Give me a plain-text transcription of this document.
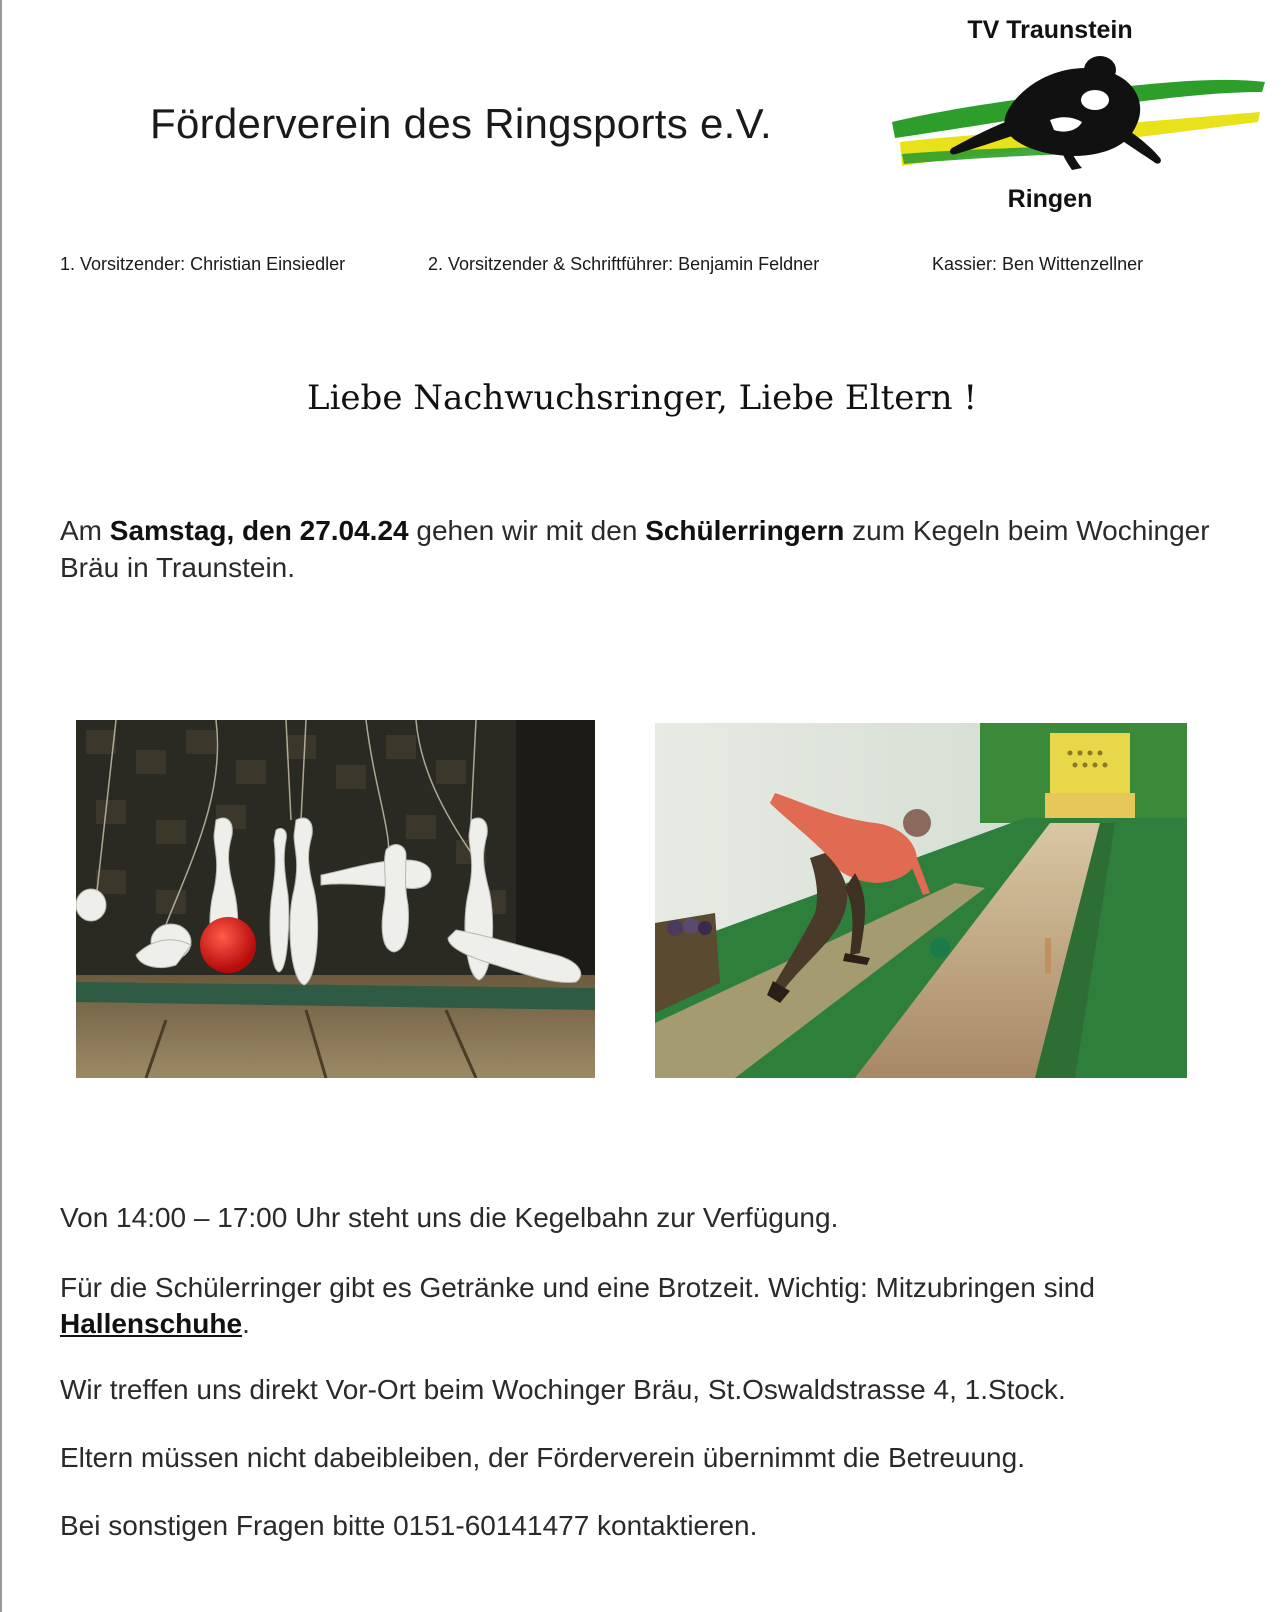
Förderverein des Ringsports e.V.
TV Traunstein
Ringen
1. Vorsitzender: Christian Einsiedler	2. Vorsitzender & Schriftführer: Benjamin Feldner	Kassier: Ben Wittenzellner
Liebe Nachwuchsringer, Liebe Eltern !
Am Samstag, den 27.04.24 gehen wir mit den Schülerringern zum Kegeln beim Wochinger Bräu in Traunstein.

Von 14:00 – 17:00 Uhr steht uns die Kegelbahn zur Verfügung.

Für die Schülerringer gibt es Getränke und eine Brotzeit. Wichtig: Mitzubringen sind Hallenschuhe.

Wir treffen uns direkt Vor-Ort beim Wochinger Bräu, St.Oswaldstrasse 4, 1.Stock.

Eltern müssen nicht dabeibleiben, der Förderverein übernimmt die Betreuung.

Bei sonstigen Fragen bitte 0151-60141477 kontaktieren.
